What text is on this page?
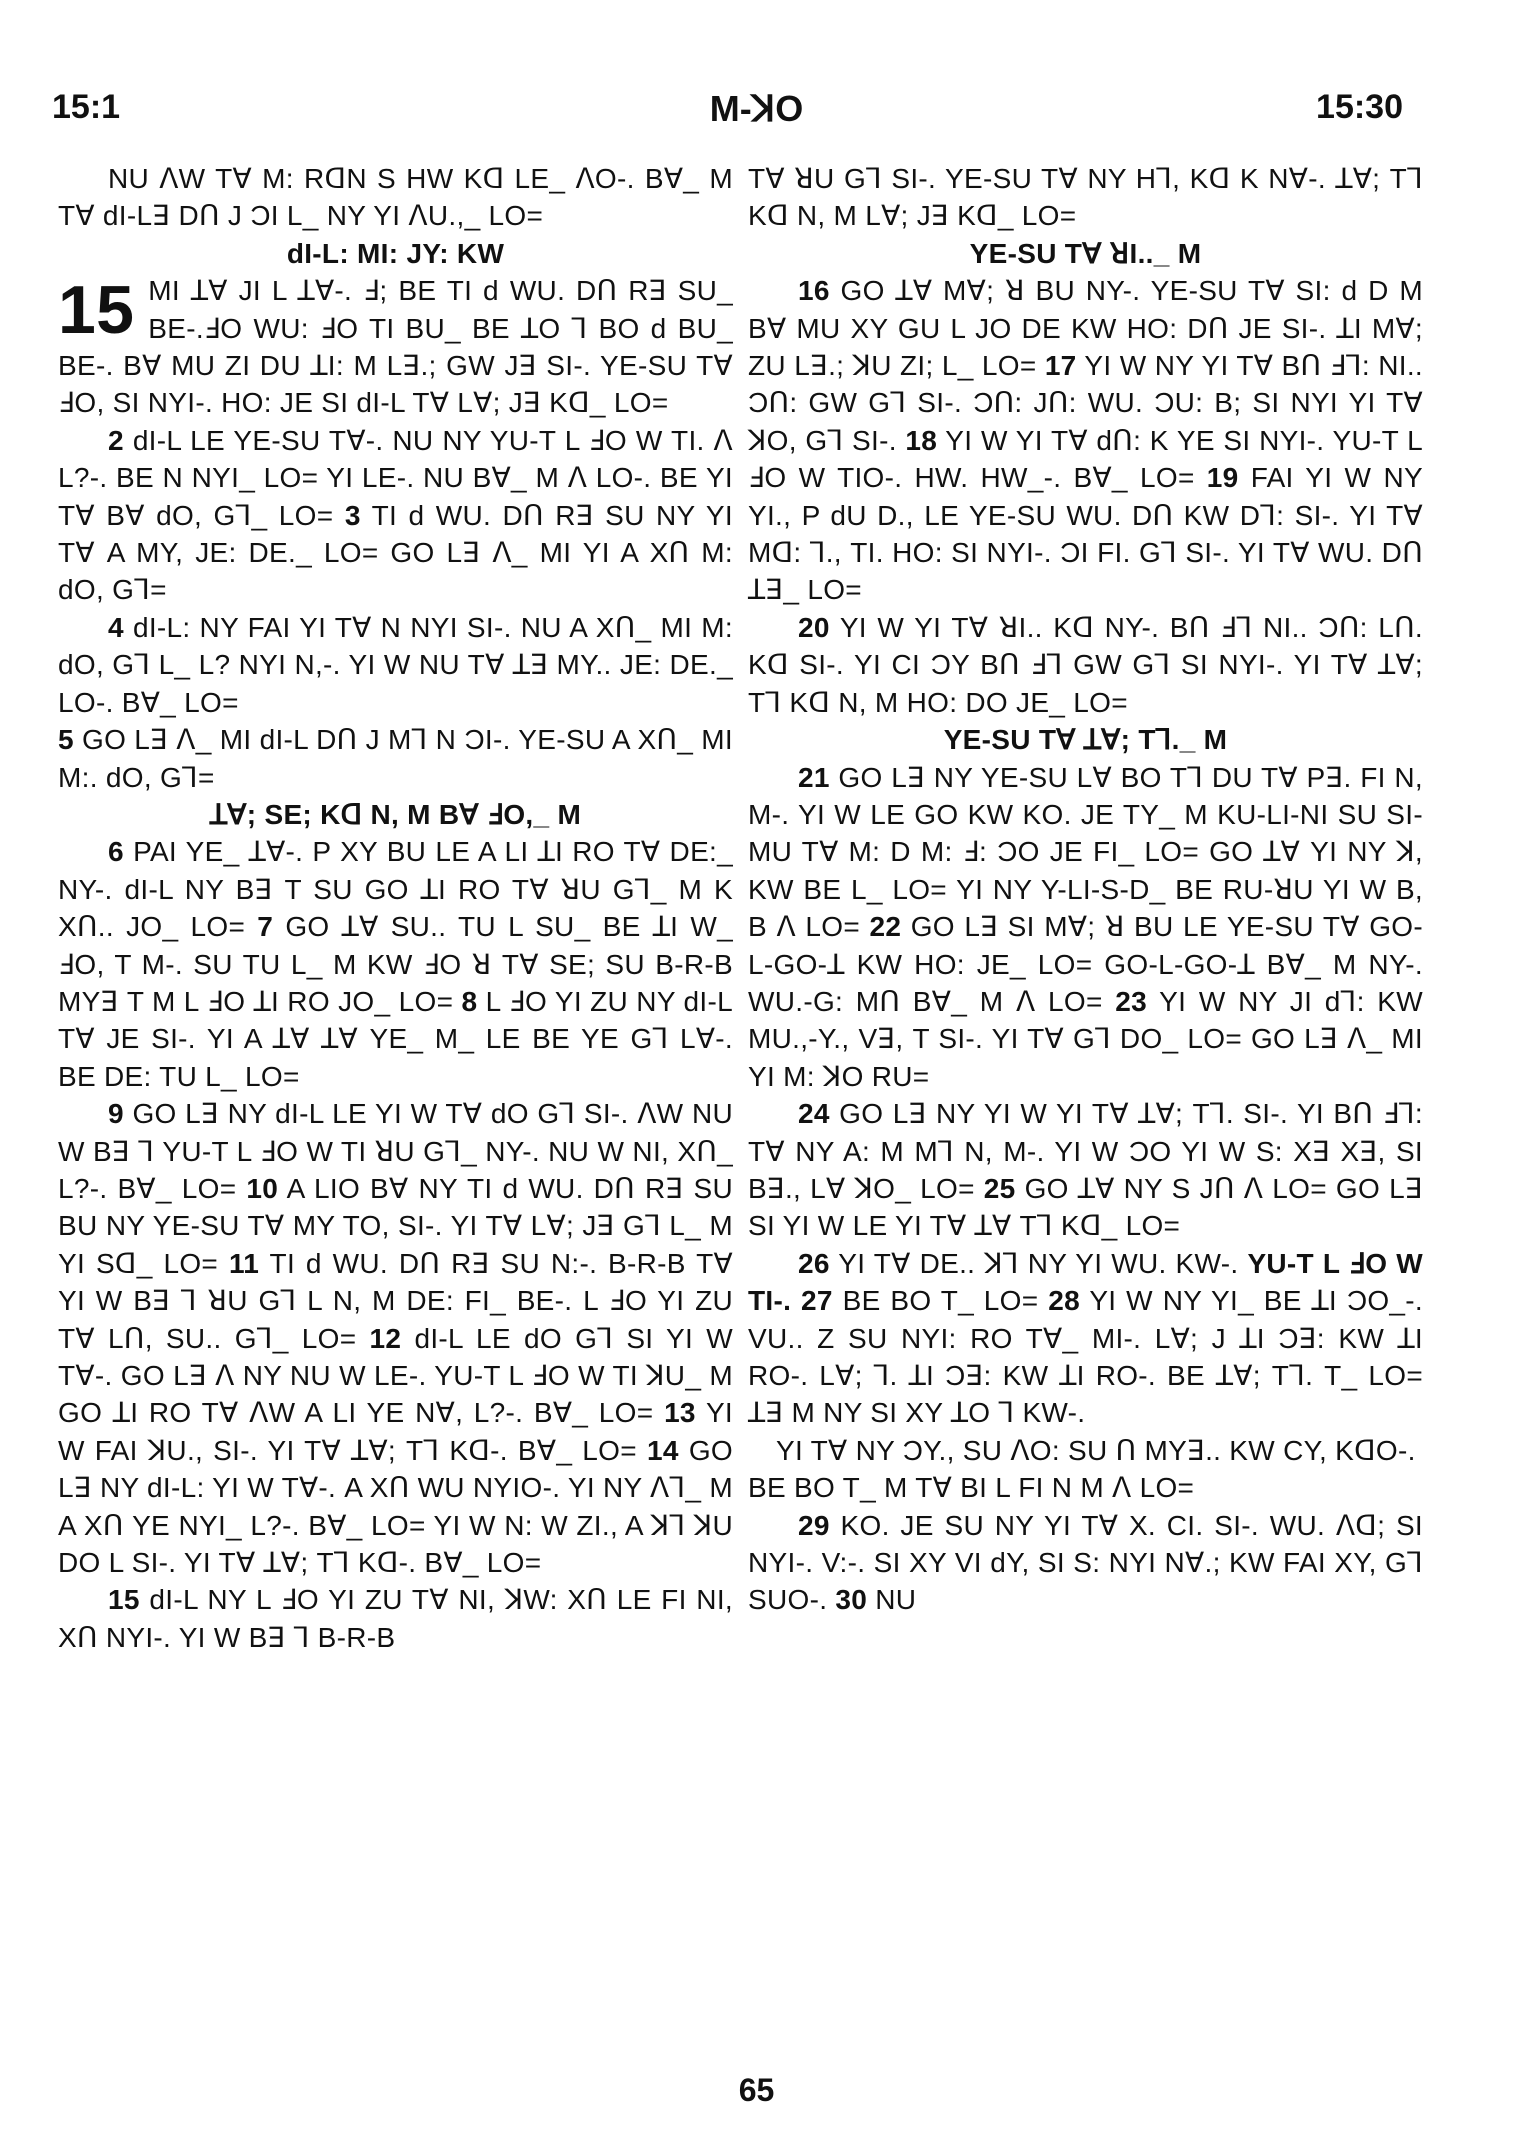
15:1	M-ꓘO	15:30

NU ꓥW Tꓯ M: RꓷN S HW Kꓷ LE_ ꓥO-. Bꓯ_ M Tꓯ dI-Lꓱ Dꓵ J ƆI L_ NY YI ꓥU.,_ LO=

dI-L: MI: JY: KW

15 MI ꓕꓯ JI L ꓕꓯ-. ꓞ; BE TI d WU. Dꓵ Rꓱ SU_ BE-.ꓞO WU: ꓞO TI BU_ BE ꓕO ꓶ BO d BU_ BE-. Bꓯ MU ZI DU ꓕI: M Lꓱ.; GW Jꓱ SI-. YE-SU Tꓯ ꓞO, SI NYI-. HO: JE SI dI-L Tꓯ Lꓯ; Jꓱ Kꓷ_ LO=

2 dI-L LE YE-SU Tꓯ-. NU NY YU-T L ꓞO W TI. ꓥ L?-. BE N NYI_ LO= YI LE-. NU Bꓯ_ M ꓥ LO-. BE YI Tꓯ Bꓯ dO, Gꓶ_ LO= 3 TI d WU. Dꓵ Rꓱ SU NY YI Tꓯ A MY, JE: DE._ LO= GO Lꓱ ꓥ_ MI YI A Xꓵ M: dO, Gꓶ=

4 dI-L: NY FAI YI Tꓯ N NYI SI-. NU A Xꓵ_ MI M: dO, Gꓶ L_ L? NYI N,-. YI W NU Tꓯ ꓕꓱ MY.. JE: DE._ LO-. Bꓯ_ LO=

5 GO Lꓱ ꓥ_ MI dI-L Dꓵ J Mꓶ N ƆI-. YE-SU A Xꓵ_ MI M:. dO, Gꓶ=

ꓕꓯ; SE; Kꓷ N, M Bꓯ ꓞO,_ M

6 PAI YE_ ꓕꓯ-. P XY BU LE A LI ꓕI RO Tꓯ DE:_ NY-. dI-L NY Bꓱ T SU GO ꓕI RO Tꓯ ꓤU Gꓶ_ M K Xꓵ.. JO_ LO= 7 GO ꓕꓯ SU.. TU L SU_ BE ꓕI W_ ꓞO, T M-. SU TU L_ M KW ꓞO ꓤ Tꓯ SE; SU B-R-B MYꓱ T M L ꓞO ꓕI RO JO_ LO= 8 L ꓞO YI ZU NY dI-L Tꓯ JE SI-. YI A ꓕꓯ ꓕꓯ YE_ M_ LE BE YE Gꓶ Lꓯ-. BE DE: TU L_ LO=

9 GO Lꓱ NY dI-L LE YI W Tꓯ dO Gꓶ SI-. ꓥW NU W Bꓱ ꓶ YU-T L ꓞO W TI ꓤU Gꓶ_ NY-. NU W NI, Xꓵ_ L?-. Bꓯ_ LO= 10 A LIO Bꓯ NY TI d WU. Dꓵ Rꓱ SU BU NY YE-SU Tꓯ MY TO, SI-. YI Tꓯ Lꓯ; Jꓱ Gꓶ L_ M YI Sꓷ_ LO= 11 TI d WU. Dꓵ Rꓱ SU N:-. B-R-B Tꓯ YI W Bꓱ ꓶ ꓤU Gꓶ L N, M DE: FI_ BE-. L ꓞO YI ZU Tꓯ Lꓵ, SU.. Gꓶ_ LO= 12 dI-L LE dO Gꓶ SI YI W Tꓯ-. GO Lꓱ ꓥ NY NU W LE-. YU-T L ꓞO W TI ꓘU_ M GO ꓕI RO Tꓯ ꓥW A LI YE Nꓯ, L?-. Bꓯ_ LO= 13 YI W FAI ꓘU., SI-. YI Tꓯ ꓕꓯ; Tꓶ Kꓷ-. Bꓯ_ LO= 14 GO Lꓱ NY dI-L: YI W Tꓯ-. A Xꓵ WU NYIO-. YI NY ꓥꓶ_ M A Xꓵ YE NYI_ L?-. Bꓯ_ LO= YI W N: W ZI., A ꓘꓶ ꓘU DO L SI-. YI Tꓯ ꓕꓯ; Tꓶ Kꓷ-. Bꓯ_ LO=

15 dI-L NY L ꓞO YI ZU Tꓯ NI, ꓘW: Xꓵ LE FI NI, Xꓵ NYI-. YI W Bꓱ ꓶ B-R-B

Tꓯ ꓤU Gꓶ SI-. YE-SU Tꓯ NY Hꓶ, Kꓷ K Nꓯ-. ꓕꓯ; Tꓶ Kꓷ N, M Lꓯ; Jꓱ Kꓷ_ LO=

YE-SU Tꓯ ꓤI.._ M

16 GO ꓕꓯ Mꓯ; ꓤ BU NY-. YE-SU Tꓯ SI: d D M Bꓯ MU XY GU L JO DE KW HO: Dꓵ JE SI-. ꓕI Mꓯ; ZU Lꓱ.; ꓘU ZI; L_ LO= 17 YI W NY YI Tꓯ Bꓵ ꓞꓶ: NI.. Ɔꓵ: GW Gꓶ SI-. Ɔꓵ: Jꓵ: WU. ƆU: B; SI NYI YI Tꓯ ꓘO, Gꓶ SI-. 18 YI W YI Tꓯ dꓵ: K YE SI NYI-. YU-T L ꓞO W TIO-. HW. HW_-. Bꓯ_ LO= 19 FAI YI W NY YI., P dU D., LE YE-SU WU. Dꓵ KW Dꓶ: SI-. YI Tꓯ Mꓷ: ꓶ., TI. HO: SI NYI-. ƆI FI. Gꓶ SI-. YI Tꓯ WU. Dꓵ ꓕꓱ_ LO=

20 YI W YI Tꓯ ꓤI.. Kꓷ NY-. Bꓵ ꓞꓶ NI.. Ɔꓵ: Lꓵ. Kꓷ SI-. YI CI ƆY Bꓵ ꓞꓶ GW Gꓶ SI NYI-. YI Tꓯ ꓕꓯ; Tꓶ Kꓷ N, M HO: DO JE_ LO=

YE-SU Tꓯ ꓕꓯ; Tꓶ._ M

21 GO Lꓱ NY YE-SU Lꓯ BO Tꓶ DU Tꓯ Pꓱ. FI N, M-. YI W LE GO KW KO. JE TY_ M KU-LI-NI SU SI-MU Tꓯ M: D M: ꓞ: ƆO JE FI_ LO= GO ꓕꓯ YI NY ꓘ, KW BE L_ LO= YI NY Y-LI-S-D_ BE RU-ꓤU YI W B, B ꓥ LO= 22 GO Lꓱ SI Mꓯ; ꓤ BU LE YE-SU Tꓯ GO-L-GO-ꓕ KW HO: JE_ LO= GO-L-GO-ꓕ Bꓯ_ M NY-. WU.-G: Mꓵ Bꓯ_ M ꓥ LO= 23 YI W NY JI dꓶ: KW MU.,-Y., Vꓱ, T SI-. YI Tꓯ Gꓶ DO_ LO= GO Lꓱ ꓥ_ MI YI M: ꓘO RU=

24 GO Lꓱ NY YI W YI Tꓯ ꓕꓯ; Tꓶ. SI-. YI Bꓵ ꓞꓶ: Tꓯ NY A: M Mꓶ N, M-. YI W ƆO YI W S: Xꓱ Xꓱ, SI Bꓱ., Lꓯ ꓘO_ LO= 25 GO ꓕꓯ NY S Jꓵ ꓥ LO= GO Lꓱ SI YI W LE YI Tꓯ ꓕꓯ Tꓶ Kꓷ_ LO=

26 YI Tꓯ DE.. ꓘꓶ NY YI WU. KW-. YU-T L ꓞO W TI-. 27 BE BO T_ LO= 28 YI W NY YI_ BE ꓕI ƆO_-. VU.. Z SU NYI: RO Tꓯ_ MI-. Lꓯ; J ꓕI Ɔꓱ: KW ꓕI RO-. Lꓯ; ꓶ. ꓕI Ɔꓱ: KW ꓕI RO-. BE ꓕꓯ; Tꓶ. T_ LO= ꓕꓱ M NY SI XY ꓕO ꓶ KW-.

YI Tꓯ NY ƆY., SU ꓥO: SU ꓵ MYꓱ.. KW CY, KꓷO-.

BE BO T_ M Tꓯ BI L FI N M ꓥ LO=

29 KO. JE SU NY YI Tꓯ X. CI. SI-. WU. ꓥꓷ; SI NYI-. V:-. SI XY VI dY, SI S: NYI Nꓯ.; KW FAI XY, Gꓶ SUO-. 30 NU

65
